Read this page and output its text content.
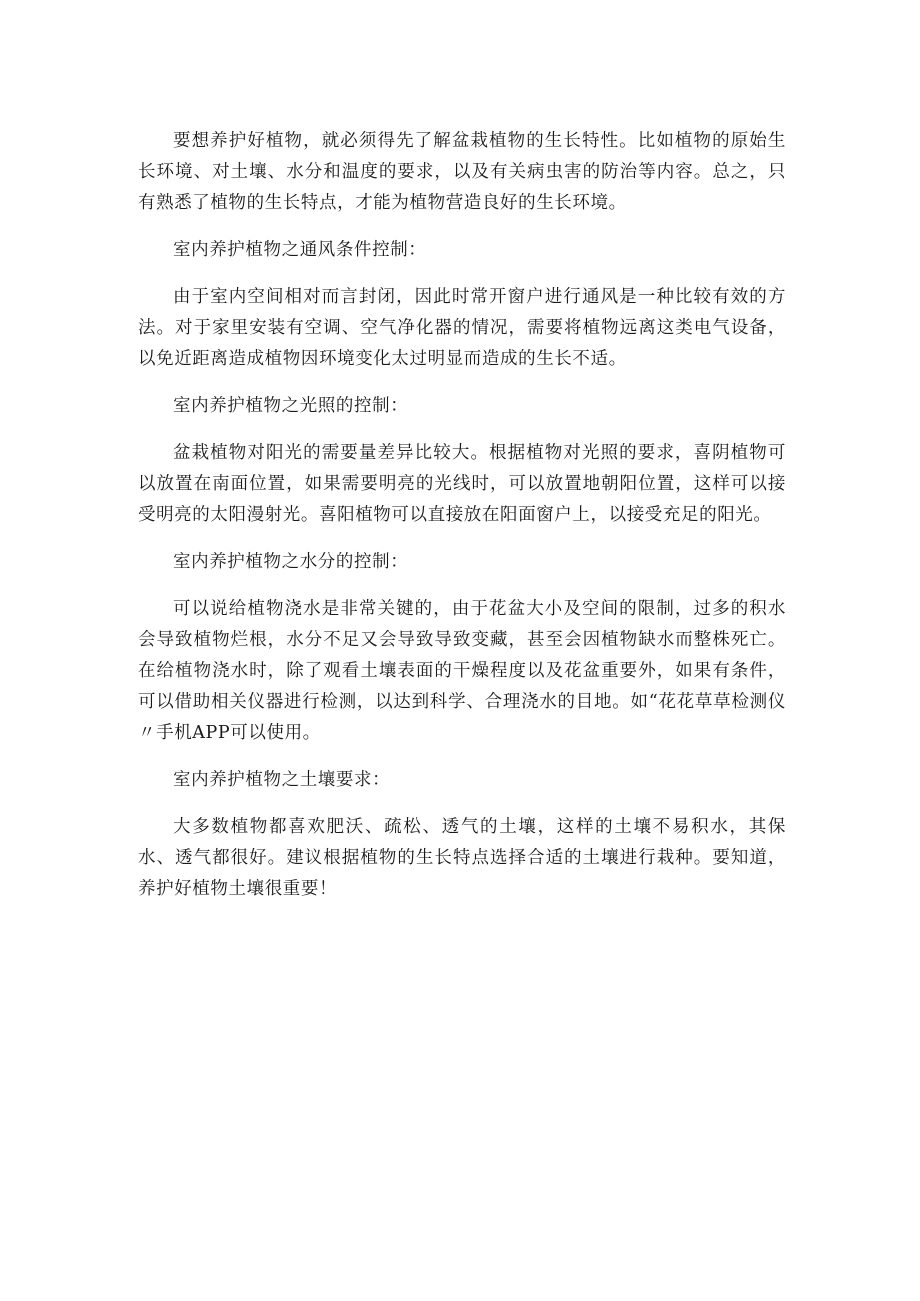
要想养护好植物，就必须得先了解盆栽植物的生长特性。比如植物的原始生长环境、对土壤、水分和温度的要求，以及有关病虫害的防治等内容。总之，只有熟悉了植物的生长特点，才能为植物营造良好的生长环境。

室内养护植物之通风条件控制：

由于室内空间相对而言封闭，因此时常开窗户进行通风是一种比较有效的方法。对于家里安装有空调、空气净化器的情况，需要将植物远离这类电气设备，以免近距离造成植物因环境变化太过明显而造成的生长不适。

室内养护植物之光照的控制：

盆栽植物对阳光的需要量差异比较大。根据植物对光照的要求，喜阴植物可以放置在南面位置，如果需要明亮的光线时，可以放置地朝阳位置，这样可以接受明亮的太阳漫射光。喜阳植物可以直接放在阳面窗户上，以接受充足的阳光。

室内养护植物之水分的控制：

可以说给植物浇水是非常关键的，由于花盆大小及空间的限制，过多的积水会导致植物烂根，水分不足又会导致导致变藏，甚至会因植物缺水而整株死亡。在给植物浇水时，除了观看土壤表面的干燥程度以及花盆重要外，如果有条件，可以借助相关仪器进行检测，以达到科学、合理浇水的目地。如“花花草草检测仪〃手机APP可以使用。

室内养护植物之土壤要求：

大多数植物都喜欢肥沃、疏松、透气的土壤，这样的土壤不易积水，其保水、透气都很好。建议根据植物的生长特点选择合适的土壤进行栽种。要知道，养护好植物土壤很重要！
